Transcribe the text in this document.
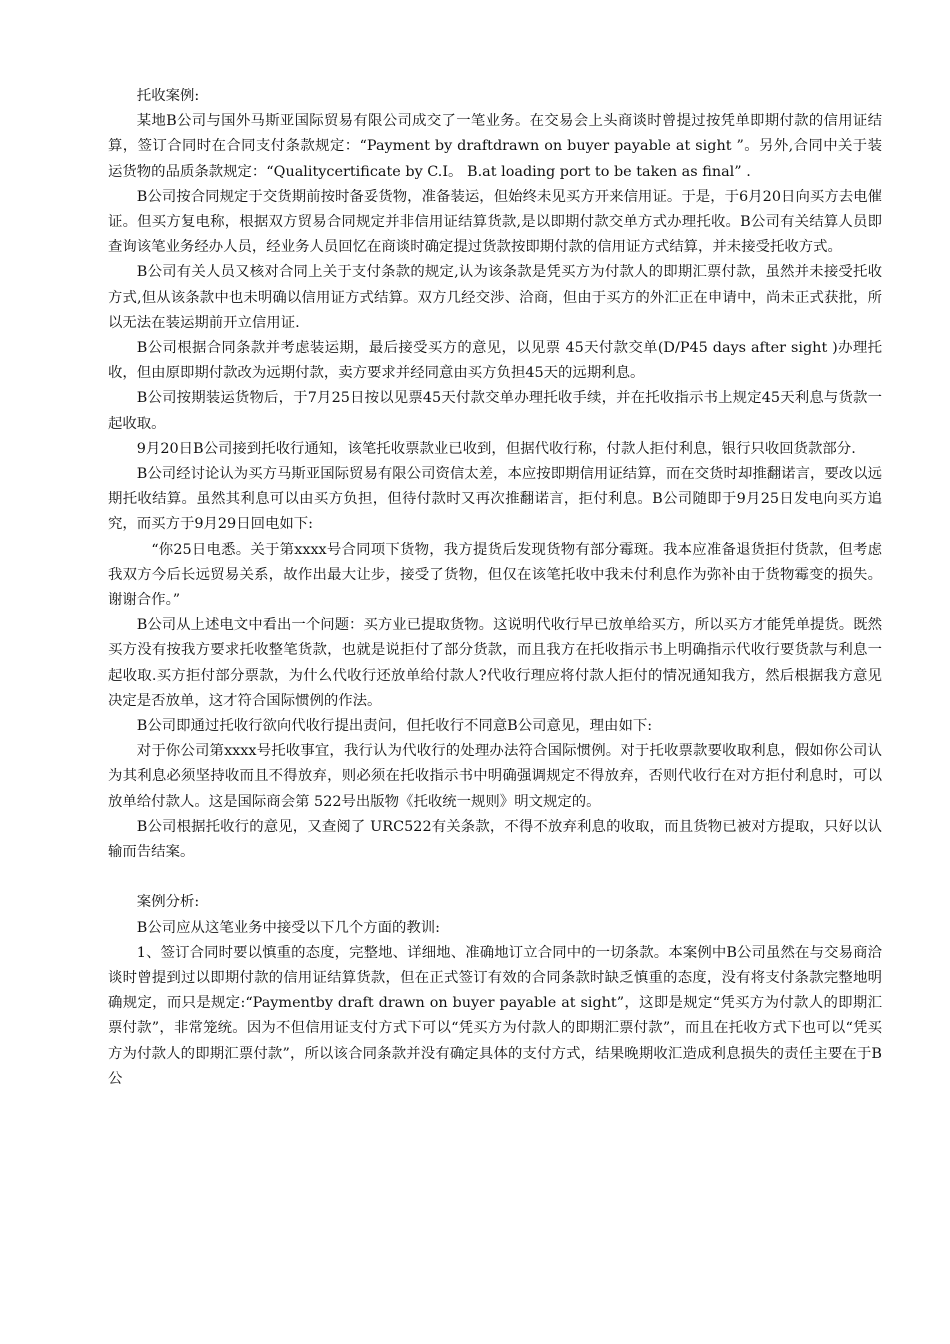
托收案例:

某地B公司与国外马斯亚国际贸易有限公司成交了一笔业务。在交易会上头商谈时曾提过按凭单即期付款的信用证结算，签订合同时在合同支付条款规定：“Payment by draftdrawn on buyer payable at sight ”。另外,合同中关于装运货物的品质条款规定：“Qualitycertificate by C.I。 B.at loading port to be taken as final” .

B公司按合同规定于交货期前按时备妥货物，准备装运，但始终未见买方开来信用证。于是，于6月20日向买方去电催证。但买方复电称，根据双方贸易合同规定并非信用证结算货款,是以即期付款交单方式办理托收。B公司有关结算人员即查询该笔业务经办人员，经业务人员回忆在商谈时确定提过货款按即期付款的信用证方式结算，并未接受托收方式。

B公司有关人员又核对合同上关于支付条款的规定,认为该条款是凭买方为付款人的即期汇票付款，虽然并未接受托收方式,但从该条款中也未明确以信用证方式结算。双方几经交涉、洽商，但由于买方的外汇正在申请中，尚未正式获批，所以无法在装运期前开立信用证.

B公司根据合同条款并考虑装运期，最后接受买方的意见，以见票 45天付款交单(D/P45 days after sight )办理托收，但由原即期付款改为远期付款，卖方要求并经同意由买方负担45天的远期利息。

B公司按期装运货物后，于7月25日按以见票45天付款交单办理托收手续，并在托收指示书上规定45天利息与货款一起收取。

9月20日B公司接到托收行通知，该笔托收票款业已收到，但据代收行称，付款人拒付利息，银行只收回货款部分.

B公司经讨论认为买方马斯亚国际贸易有限公司资信太差，本应按即期信用证结算，而在交货时却推翻诺言，要改以远期托收结算。虽然其利息可以由买方负担，但待付款时又再次推翻诺言，拒付利息。B公司随即于9月25日发电向买方追究，而买方于9月29日回电如下:

“你25日电悉。关于第xxxx号合同项下货物，我方提货后发现货物有部分霉斑。我本应准备退货拒付货款，但考虑我双方今后长远贸易关系，故作出最大让步，接受了货物，但仅在该笔托收中我未付利息作为弥补由于货物霉变的损失。谢谢合作。”

B公司从上述电文中看出一个问题：买方业已提取货物。这说明代收行早已放单给买方，所以买方才能凭单提货。既然买方没有按我方要求托收整笔货款，也就是说拒付了部分货款，而且我方在托收指示书上明确指示代收行要货款与利息一起收取.买方拒付部分票款，为什么代收行还放单给付款人?代收行理应将付款人拒付的情况通知我方，然后根据我方意见决定是否放单，这才符合国际惯例的作法。

B公司即通过托收行欲向代收行提出责问，但托收行不同意B公司意见，理由如下:

对于你公司第xxxx号托收事宜，我行认为代收行的处理办法符合国际惯例。对于托收票款要收取利息，假如你公司认为其利息必须坚持收而且不得放弃，则必须在托收指示书中明确强调规定不得放弃，否则代收行在对方拒付利息时，可以放单给付款人。这是国际商会第 522号出版物《托收统一规则》明文规定的。

B公司根据托收行的意见，又查阅了 URC522有关条款，不得不放弃利息的收取，而且货物已被对方提取，只好以认输而告结案。

案例分析:

B公司应从这笔业务中接受以下几个方面的教训:

1、签订合同时要以慎重的态度，完整地、详细地、准确地订立合同中的一切条款。本案例中B公司虽然在与交易商洽谈时曾提到过以即期付款的信用证结算货款，但在正式签订有效的合同条款时缺乏慎重的态度，没有将支付条款完整地明确规定，而只是规定:“Paymentby draft drawn on buyer payable at sight”，这即是规定“凭买方为付款人的即期汇票付款”，非常笼统。因为不但信用证支付方式下可以“凭买方为付款人的即期汇票付款”，而且在托收方式下也可以“凭买方为付款人的即期汇票付款”，所以该合同条款并没有确定具体的支付方式，结果晚期收汇造成利息损失的责任主要在于B公
